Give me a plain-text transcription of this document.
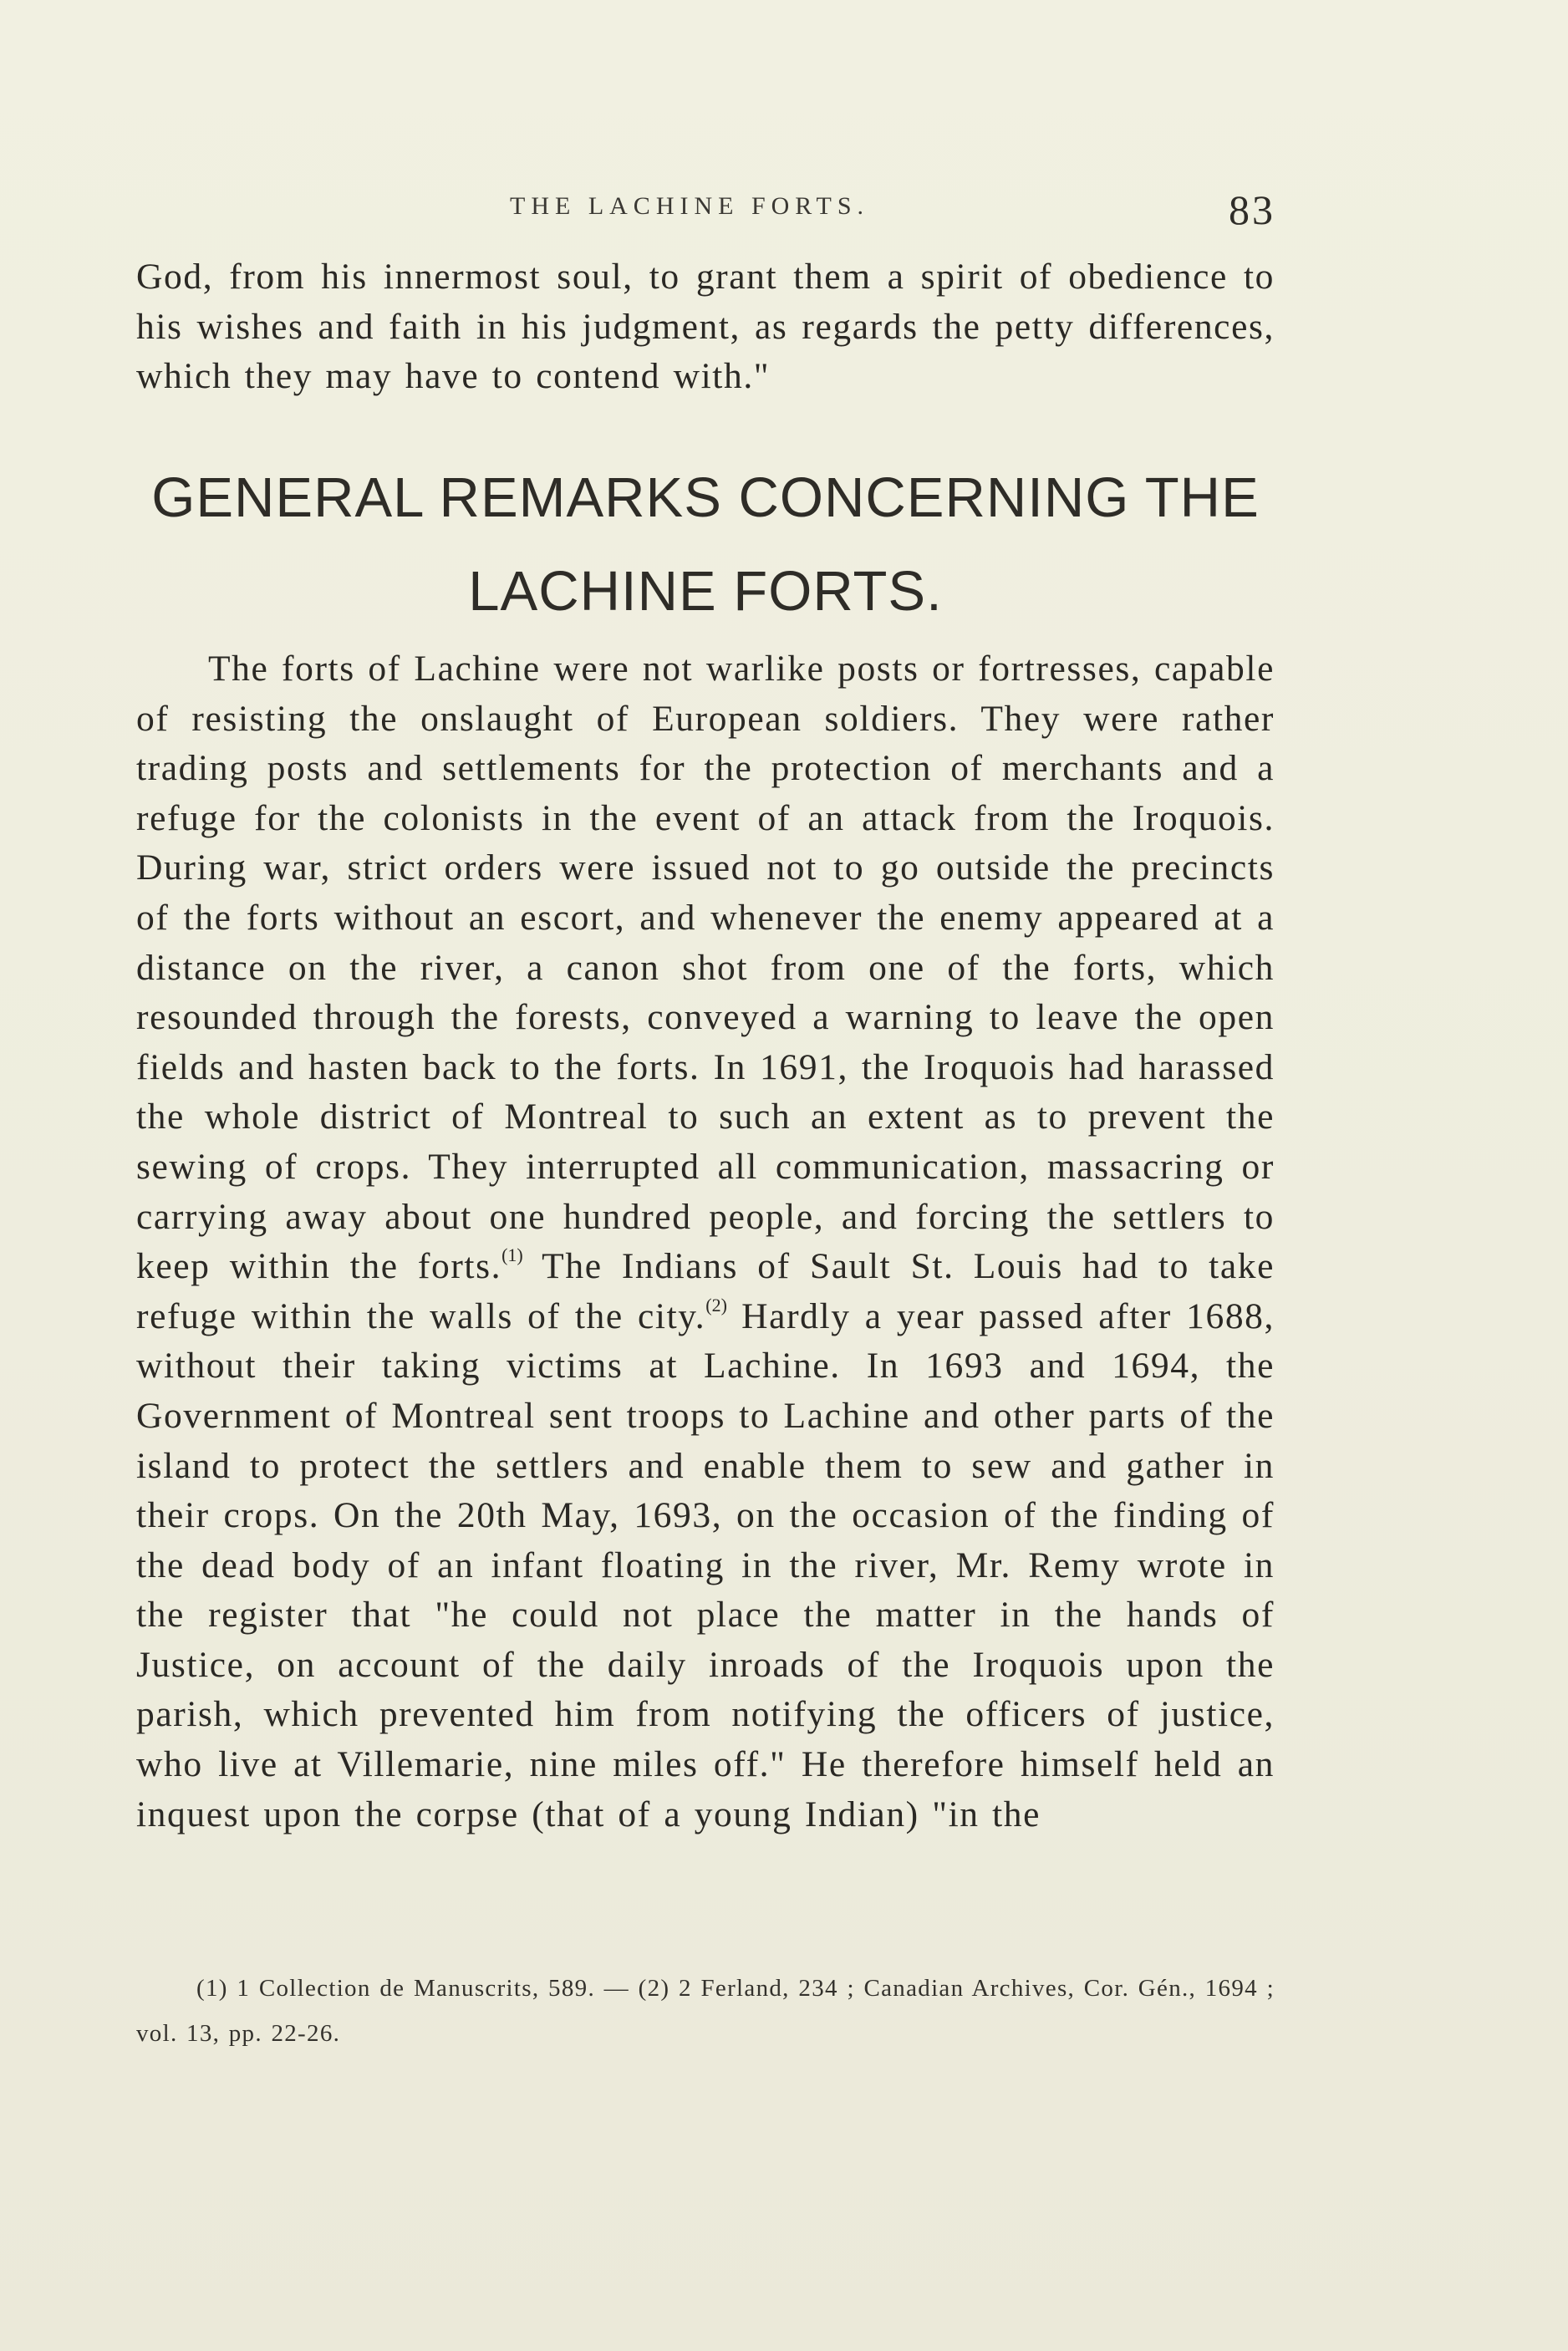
THE LACHINE FORTS.	83

God, from his innermost soul, to grant them a spirit of obedience to his wishes and faith in his judgment, as regards the petty differences, which they may have to contend with."

GENERAL REMARKS CONCERNING THE
LACHINE FORTS.

The forts of Lachine were not warlike posts or fortresses, capable of resisting the onslaught of European soldiers. They were rather trading posts and settlements for the protection of merchants and a refuge for the colonists in the event of an attack from the Iroquois. During war, strict orders were issued not to go outside the precincts of the forts without an escort, and whenever the enemy appeared at a distance on the river, a canon shot from one of the forts, which resounded through the forests, conveyed a warning to leave the open fields and hasten back to the forts. In 1691, the Iroquois had harassed the whole district of Montreal to such an extent as to prevent the sewing of crops. They interrupted all communication, massacring or carrying away about one hundred people, and forcing the settlers to keep within the forts.$^{(1)}$ The Indians of Sault St. Louis had to take refuge within the walls of the city.$^{(2)}$ Hardly a year passed after 1688, without their taking victims at Lachine. In 1693 and 1694, the Government of Montreal sent troops to Lachine and other parts of the island to protect the settlers and enable them to sew and gather in their crops. On the 20th May, 1693, on the occasion of the finding of the dead body of an infant floating in the river, Mr. Remy wrote in the register that "he could not place the matter in the hands of Justice, on account of the daily inroads of the Iroquois upon the parish, which prevented him from notifying the officers of justice, who live at Villemarie, nine miles off." He therefore himself held an inquest upon the corpse (that of a young Indian) "in the

(1) 1 Collection de Manuscrits, 589. — (2) 2 Ferland, 234 ; Canadian Archives, Cor. Gén., 1694 ; vol. 13, pp. 22-26.
